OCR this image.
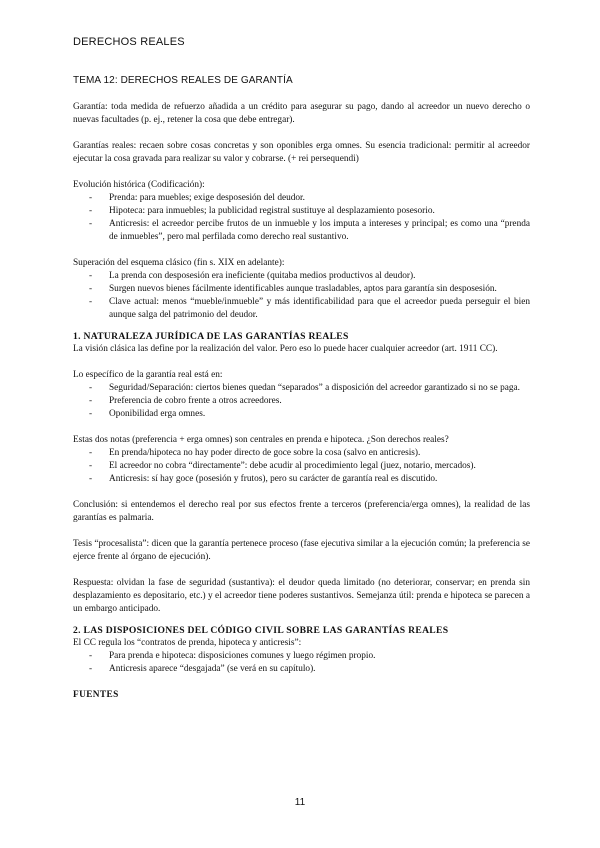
DERECHOS REALES
TEMA 12: DERECHOS REALES DE GARANTÍA

Garantía: toda medida de refuerzo añadida a un crédito para asegurar su pago, dando al acreedor un nuevo derecho o nuevas facultades (p. ej., retener la cosa que debe entregar).

Garantías reales: recaen sobre cosas concretas y son oponibles erga omnes. Su esencia tradicional: permitir al acreedor ejecutar la cosa gravada para realizar su valor y cobrarse. (+ rei persequendi)

Evolución histórica (Codificación):

- Prenda: para muebles; exige desposesión del deudor.
- Hipoteca: para inmuebles; la publicidad registral sustituye al desplazamiento posesorio.
- Anticresis: el acreedor percibe frutos de un inmueble y los imputa a intereses y principal; es como una “prenda de inmuebles”, pero mal perfilada como derecho real sustantivo.

Superación del esquema clásico (fin s. XIX en adelante):

- La prenda con desposesión era ineficiente (quitaba medios productivos al deudor).
- Surgen nuevos bienes fácilmente identificables aunque trasladables, aptos para garantía sin desposesión.
- Clave actual: menos “mueble/inmueble” y más identificabilidad para que el acreedor pueda perseguir el bien aunque salga del patrimonio del deudor.
1. NATURALEZA JURÍDICA DE LAS GARANTÍAS REALES

La visión clásica las define por la realización del valor. Pero eso lo puede hacer cualquier acreedor (art. 1911 CC).

Lo específico de la garantía real está en:

- Seguridad/Separación: ciertos bienes quedan “separados” a disposición del acreedor garantizado si no se paga.
- Preferencia de cobro frente a otros acreedores.
- Oponibilidad erga omnes.

Estas dos notas (preferencia + erga omnes) son centrales en prenda e hipoteca. ¿Son derechos reales?

- En prenda/hipoteca no hay poder directo de goce sobre la cosa (salvo en anticresis).
- El acreedor no cobra “directamente”: debe acudir al procedimiento legal (juez, notario, mercados).
- Anticresis: sí hay goce (posesión y frutos), pero su carácter de garantía real es discutido.

Conclusión: si entendemos el derecho real por sus efectos frente a terceros (preferencia/erga omnes), la realidad de las garantías es palmaria.

Tesis “procesalista”: dicen que la garantía pertenece proceso (fase ejecutiva similar a la ejecución común; la preferencia se ejerce frente al órgano de ejecución).

Respuesta: olvidan la fase de seguridad (sustantiva): el deudor queda limitado (no deteriorar, conservar; en prenda sin desplazamiento es depositario, etc.) y el acreedor tiene poderes sustantivos. Semejanza útil: prenda e hipoteca se parecen a un embargo anticipado.

2. LAS DISPOSICIONES DEL CÓDIGO CIVIL SOBRE LAS GARANTÍAS REALES

El CC regula los “contratos de prenda, hipoteca y anticresis”:

- Para prenda e hipoteca: disposiciones comunes y luego régimen propio.
- Anticresis aparece “desgajada” (se verá en su capítulo).
FUENTES
11
